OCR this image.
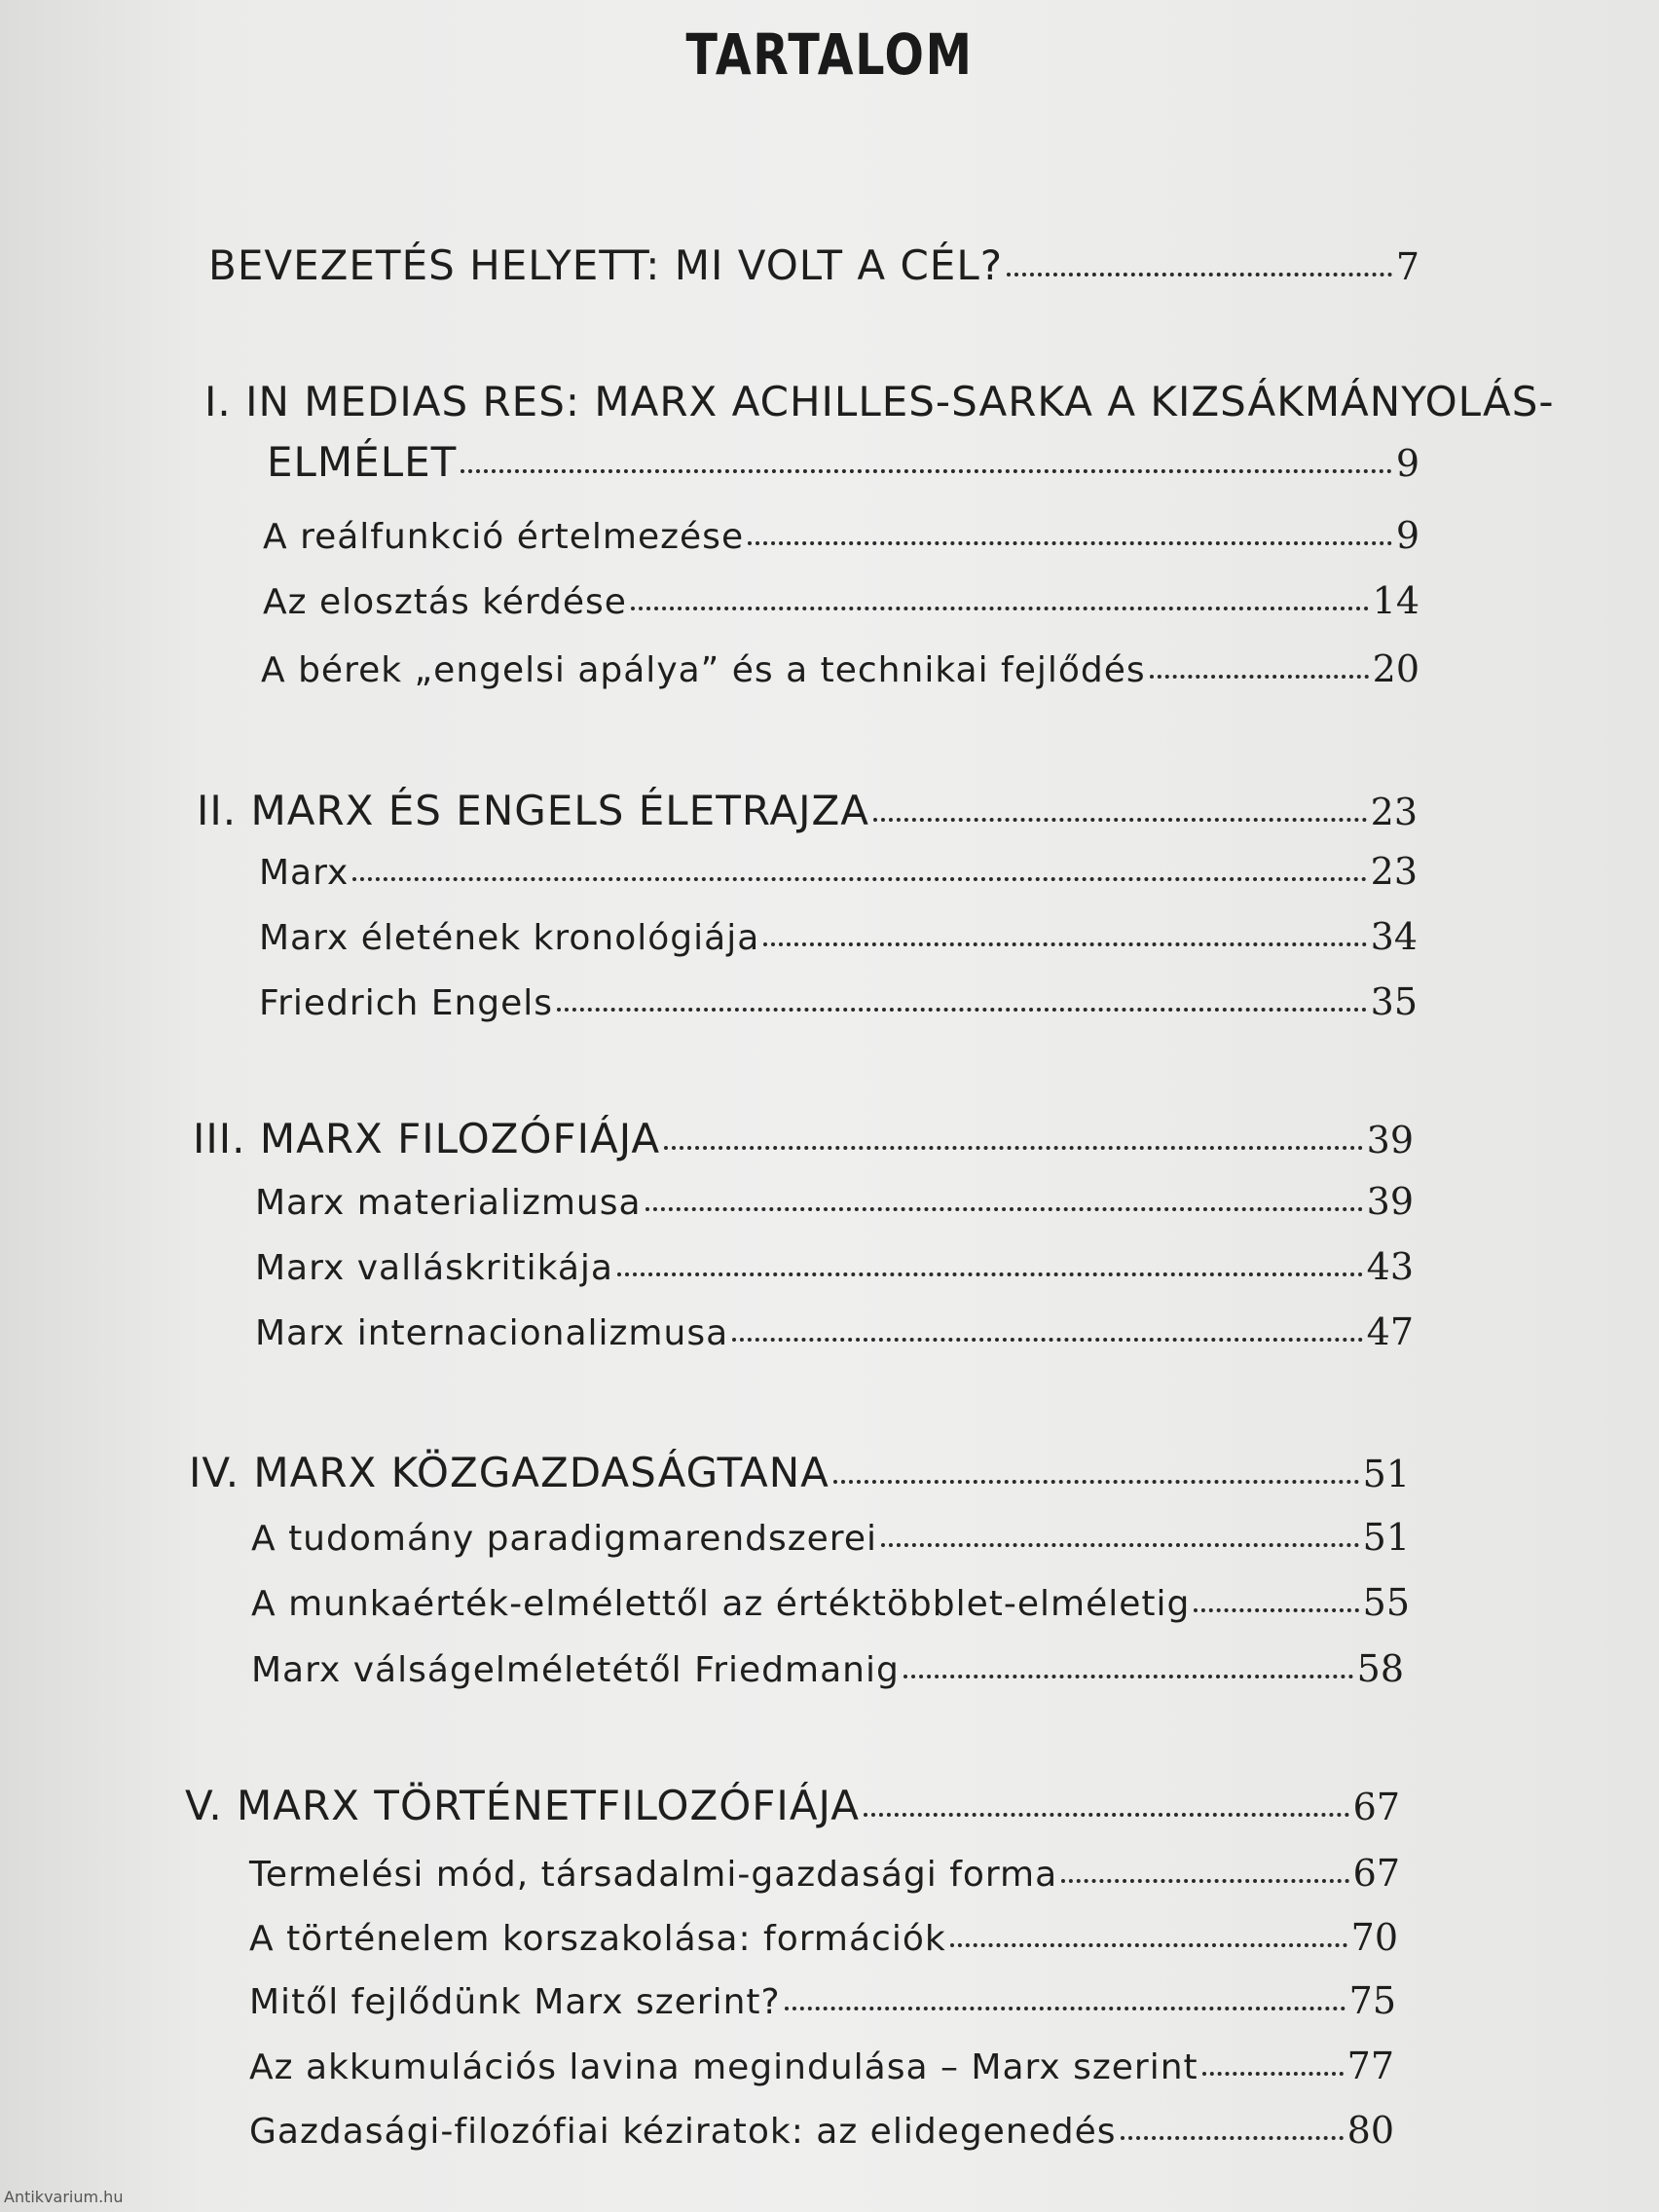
TARTALOM
BEVEZETÉS HELYETT: MI VOLT A CÉL?	7
I. IN MEDIAS RES: MARX ACHILLES-SARKA A KIZSÁKMÁNYOLÁS-
ELMÉLET	9
A reálfunkció értelmezése	9
Az elosztás kérdése	14
A bérek „engelsi apálya” és a technikai fejlődés	20
II. MARX ÉS ENGELS ÉLETRAJZA	23
Marx	23
Marx életének kronológiája	34
Friedrich Engels	35
III. MARX FILOZÓFIÁJA	39
Marx materializmusa	39
Marx valláskritikája	43
Marx internacionalizmusa	47
IV. MARX KÖZGAZDASÁGTANA	51
A tudomány paradigmarendszerei	51
A munkaérték-elmélettől az értéktöbblet-elméletig	55
Marx válságelméletétől Friedmanig	58
V. MARX TÖRTÉNETFILOZÓFIÁJA	67
Termelési mód, társadalmi-gazdasági forma	67
A történelem korszakolása: formációk	70
Mitől fejlődünk Marx szerint?	75
Az akkumulációs lavina megindulása – Marx szerint	77
Gazdasági-filozófiai kéziratok: az elidegenedés	80
Antikvarium.hu
